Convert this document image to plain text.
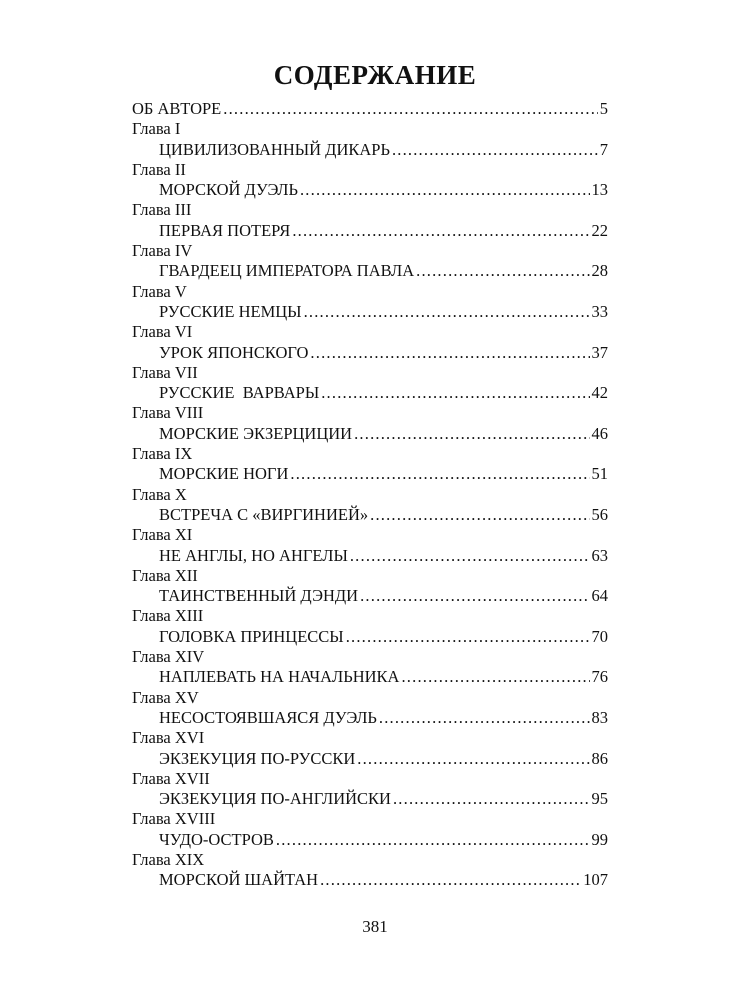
СОДЕРЖАНИЕ
ОБ АВТОРЕ .....	5
Глава I
ЦИВИЛИЗОВАННЫЙ ДИКАРЬ .....	7
Глава II
МОРСКОЙ ДУЭЛЬ .....	13
Глава III
ПЕРВАЯ ПОТЕРЯ .....	22
Глава IV
ГВАРДЕЕЦ ИМПЕРАТОРА ПАВЛА .....	28
Глава V
РУССКИЕ НЕМЦЫ .....	33
Глава VI
УРОК ЯПОНСКОГО .....	37
Глава VII
РУССКИЕ  ВАРВАРЫ .....	42
Глава VIII
МОРСКИЕ ЭКЗЕРЦИЦИИ .....	46
Глава IX
МОРСКИЕ НОГИ .....	51
Глава X
ВСТРЕЧА С «ВИРГИНИЕЙ» .....	56
Глава XI
НЕ АНГЛЫ, НО АНГЕЛЫ .....	63
Глава XII
ТАИНСТВЕННЫЙ ДЭНДИ .....	64
Глава XIII
ГОЛОВКА ПРИНЦЕССЫ .....	70
Глава XIV
НАПЛЕВАТЬ НА НАЧАЛЬНИКА .....	76
Глава XV
НЕСОСТОЯВШАЯСЯ ДУЭЛЬ .....	83
Глава XVI
ЭКЗЕКУЦИЯ ПО-РУССКИ .....	86
Глава XVII
ЭКЗЕКУЦИЯ ПО-АНГЛИЙСКИ .....	95
Глава XVIII
ЧУДО-ОСТРОВ .....	99
Глава XIX
МОРСКОЙ ШАЙТАН .....	107
381
